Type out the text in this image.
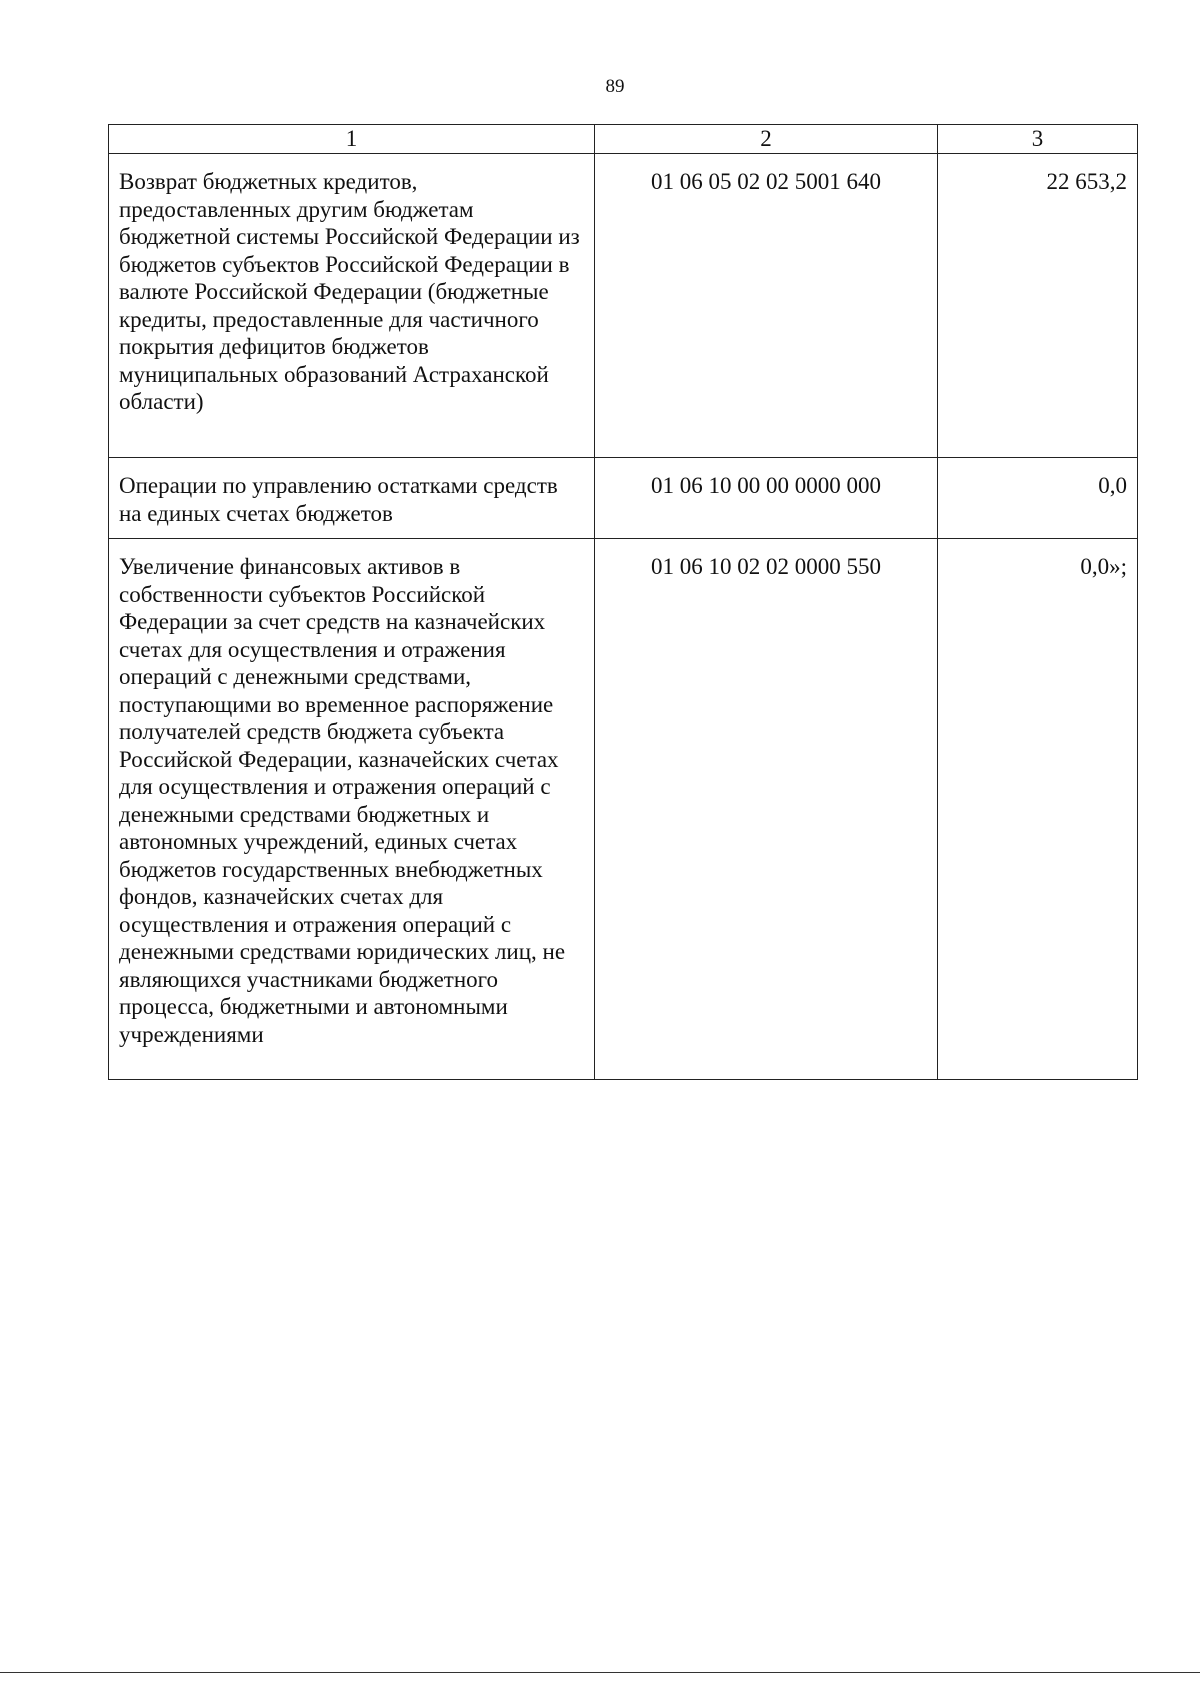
89
1	2	3
Возврат бюджетных кредитов, предоставленных другим бюджетам бюджетной системы Российской Федерации из бюджетов субъектов Российской Федерации в валюте Российской Федерации (бюджетные кредиты, предоставленные для частичного покрытия дефицитов бюджетов муниципальных образований Астраханской области)	01 06 05 02 02 5001 640	22 653,2
Операции по управлению остатками средств на единых счетах бюджетов	01 06 10 00 00 0000 000	0,0
Увеличение финансовых активов в собственности субъектов Российской Федерации за счет средств на казначейских счетах для осуществления и отражения операций с денежными средствами, поступающими во временное распоряжение получателей средств бюджета субъекта Российской Федерации, казначейских счетах для осуществления и отражения операций с денежными средствами бюджетных и автономных учреждений, единых счетах бюджетов государственных внебюджетных фондов, казначейских счетах для осуществления и отражения операций с денежными средствами юридических лиц, не являющихся участниками бюджетного процесса, бюджетными и автономными учреждениями	01 06 10 02 02 0000 550	0,0»;
